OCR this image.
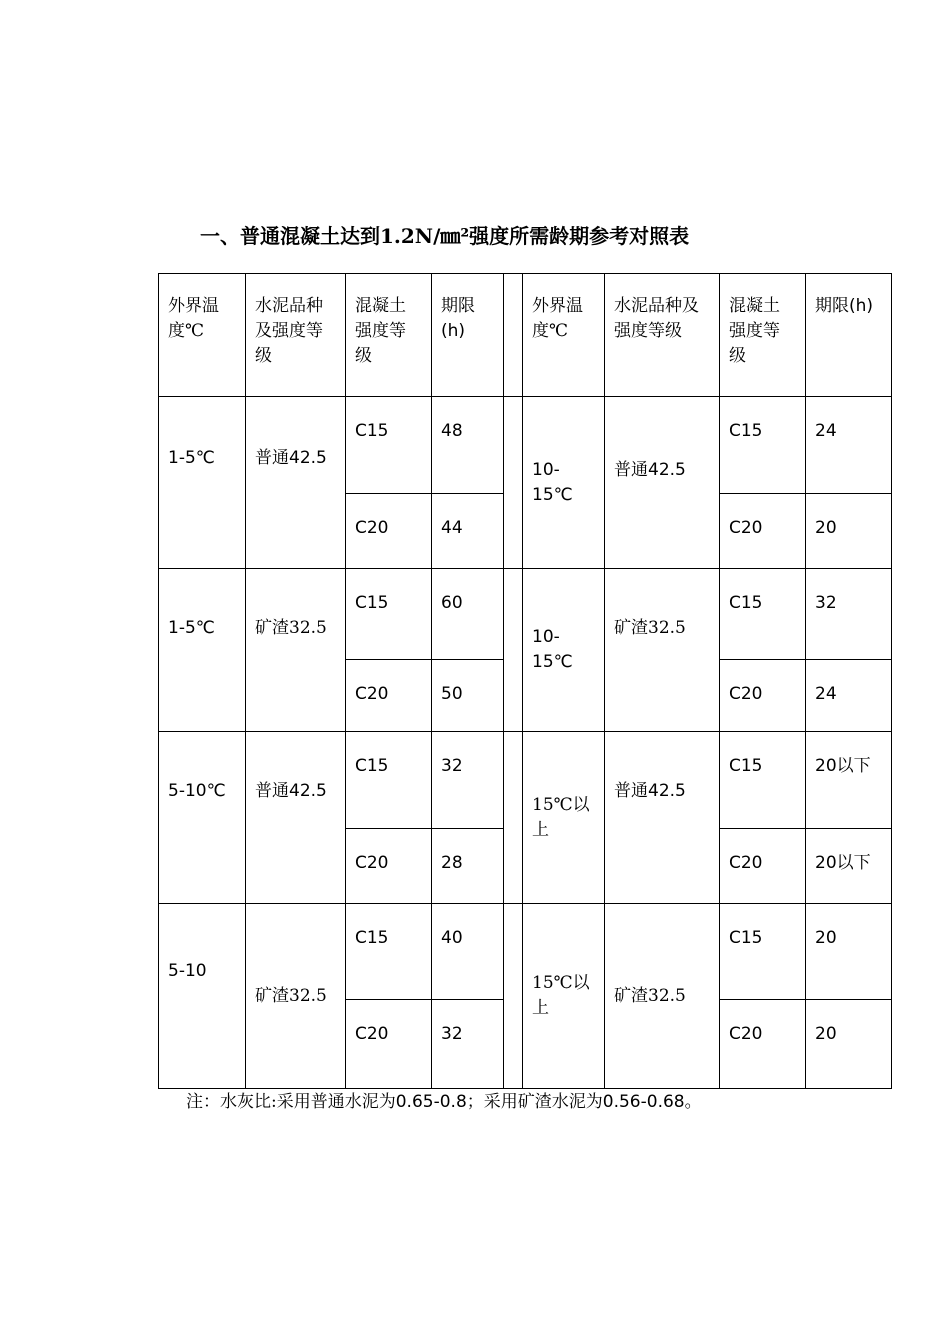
一、普通混凝土达到1.2N/㎜²强度所需龄期参考对照表
外界温度℃	水泥品种及强度等级	混凝土强度等级	期限(h)		外界温度℃	水泥品种及强度等级	混凝土强度等级	期限(h)
1-5℃	普通42.5	C15	48		10-15℃	普通42.5	C15	24
		C20	44				C20	20
1-5℃	矿渣32.5	C15	60		10-15℃	矿渣32.5	C15	32
		C20	50				C20	24
5-10℃	普通42.5	C15	32		15℃以上	普通42.5	C15	20以下
		C20	28				C20	20以下
5-10	矿渣32.5	C15	40		15℃以上	矿渣32.5	C15	20
		C20	32				C20	20
注：水灰比:采用普通水泥为0.65-0.8；采用矿渣水泥为0.56-0.68。
